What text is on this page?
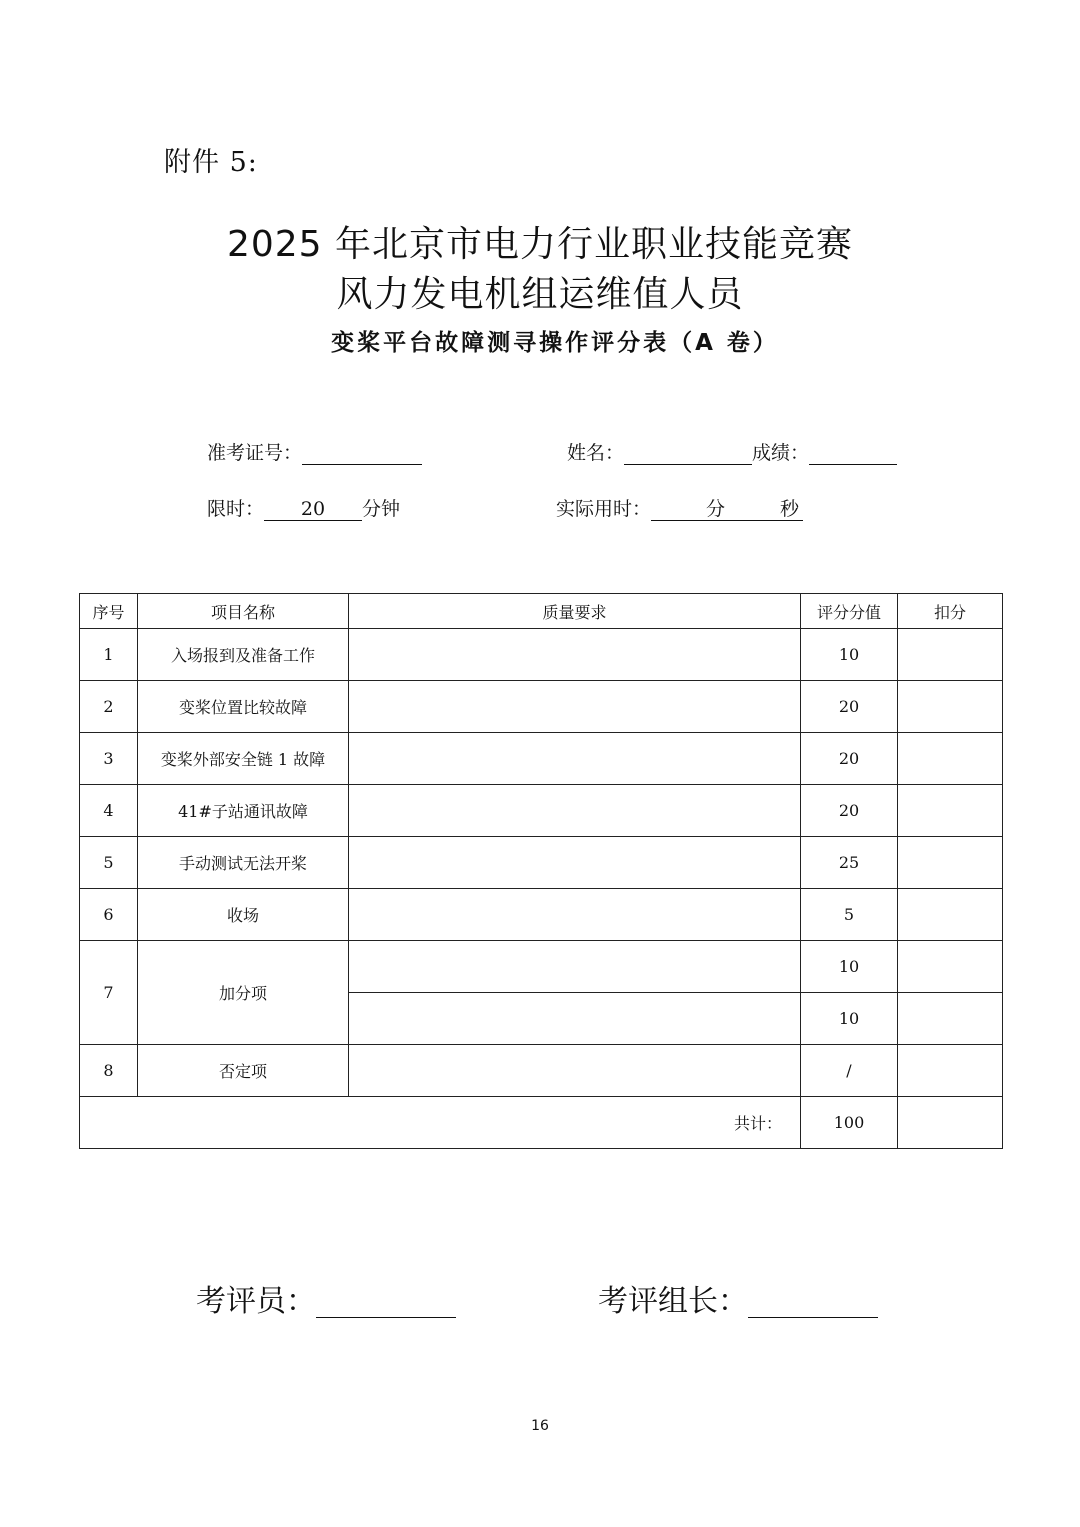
附件 5:
2025 年北京市电力行业职业技能竞赛
风力发电机组运维值人员
变桨平台故障测寻操作评分表（A 卷）
准考证号：	姓名：	成绩：
限时： 20 分钟	实际用时：	分	秒
序号	项目名称	质量要求	评分分值	扣分
1	入场报到及准备工作		10	
2	变桨位置比较故障		20	
3	变桨外部安全链 1 故障		20	
4	41#子站通讯故障		20	
5	手动测试无法开桨		25	
6	收场		5	
7	加分项		10	
			10	
8	否定项		/	
共计：			100	
考评员：	考评组长：
16
